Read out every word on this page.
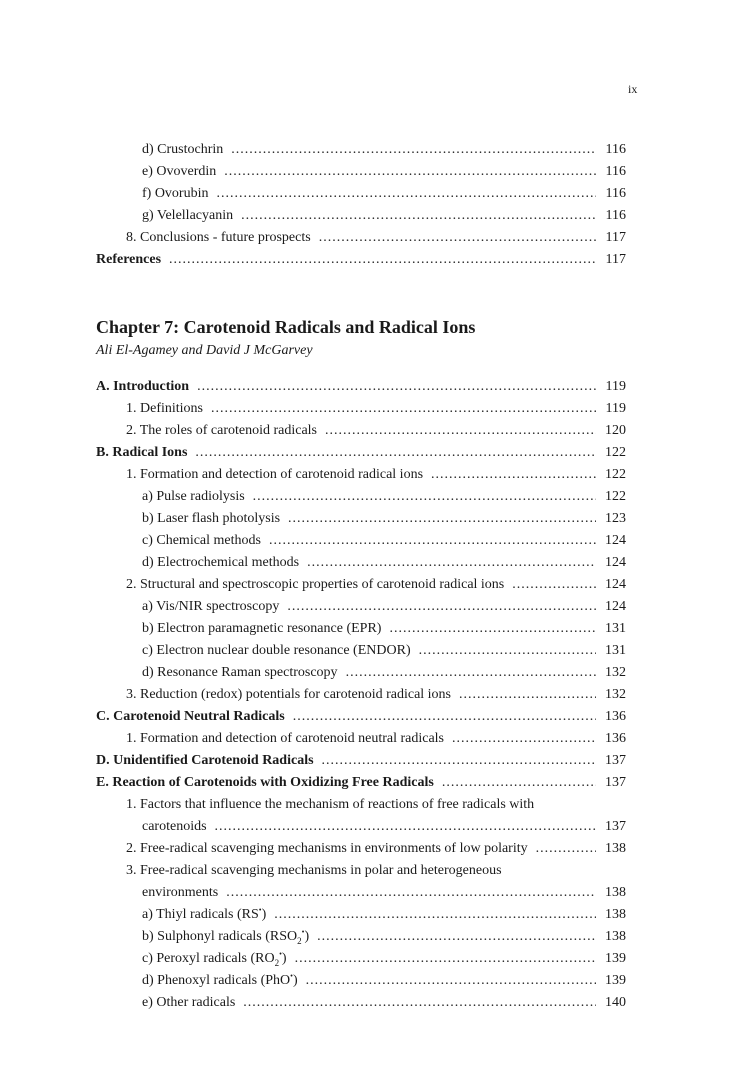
ix
d) Crustochrin .....	116
e) Ovoverdin .....	116
f) Ovorubin .....	116
g) Velellacyanin .....	116
8. Conclusions - future prospects .....	117
References .....	117
Chapter 7: Carotenoid Radicals and Radical Ions
Ali El-Agamey and David J McGarvey
A. Introduction .....	119
1. Definitions .....	119
2. The roles of carotenoid radicals .....	120
B. Radical Ions .....	122
1. Formation and detection of carotenoid radical ions .....	122
a) Pulse radiolysis .....	122
b) Laser flash photolysis .....	123
c) Chemical methods .....	124
d) Electrochemical methods .....	124
2. Structural and spectroscopic properties of carotenoid radical ions .....	124
a) Vis/NIR spectroscopy .....	124
b) Electron paramagnetic resonance (EPR) .....	131
c) Electron nuclear double resonance (ENDOR) .....	131
d) Resonance Raman spectroscopy .....	132
3. Reduction (redox) potentials for carotenoid radical ions .....	132
C. Carotenoid Neutral Radicals .....	136
1. Formation and detection of carotenoid neutral radicals .....	136
D. Unidentified Carotenoid Radicals .....	137
E. Reaction of Carotenoids with Oxidizing Free Radicals .....	137
1. Factors that influence the mechanism of reactions of free radicals with
carotenoids .....	137
2. Free-radical scavenging mechanisms in environments of low polarity .....	138
3. Free-radical scavenging mechanisms in polar and heterogeneous
environments .....	138
a) Thiyl radicals (RS•) .....	138
b) Sulphonyl radicals $(RSO_2^•)$ .....	138
c) Peroxyl radicals $(RO_2^•)$ .....	139
d) Phenoxyl radicals (PhO•) .....	139
e) Other radicals .....	140
